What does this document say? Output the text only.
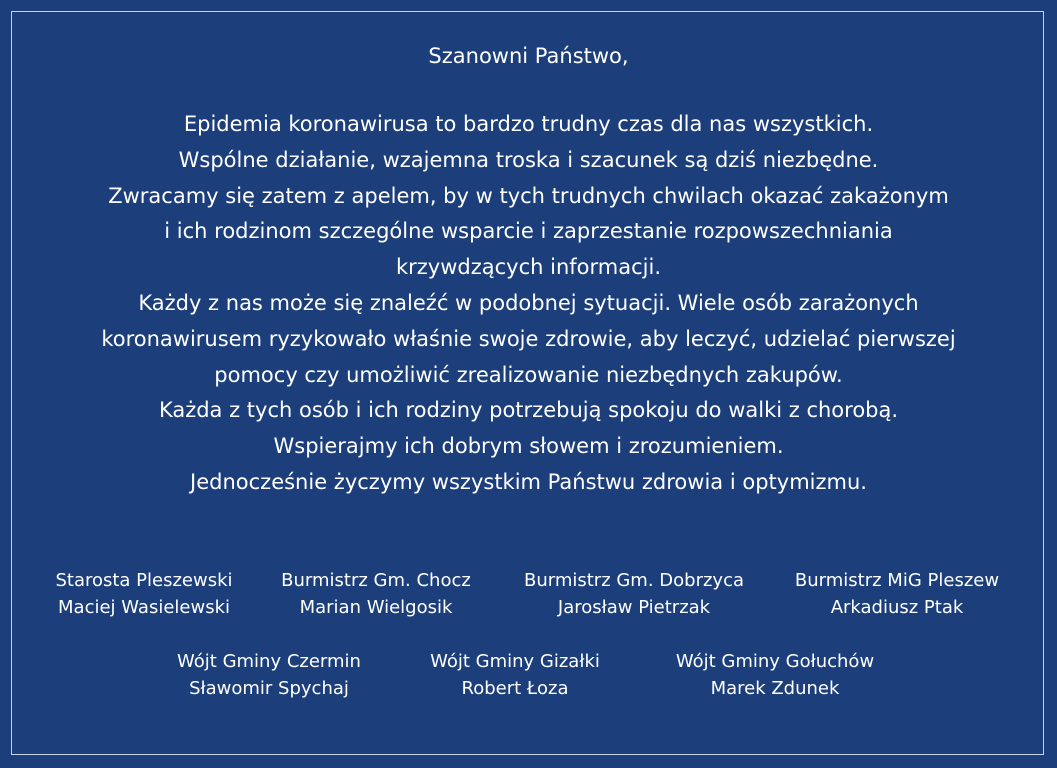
Szanowni Państwo,

Epidemia koronawirusa to bardzo trudny czas dla nas wszystkich.

Wspólne działanie, wzajemna troska i szacunek są dziś niezbędne.

Zwracamy się zatem z apelem, by w tych trudnych chwilach okazać zakażonym

i ich rodzinom szczególne wsparcie i zaprzestanie rozpowszechniania

krzywdzących informacji.

Każdy z nas może się znaleźć w podobnej sytuacji. Wiele osób zarażonych

koronawirusem ryzykowało właśnie swoje zdrowie, aby leczyć, udzielać pierwszej

pomocy czy umożliwić zrealizowanie niezbędnych zakupów.

Każda z tych osób i ich rodziny potrzebują spokoju do walki z chorobą.

Wspierajmy ich dobrym słowem i zrozumieniem.

Jednocześnie życzymy wszystkim Państwu zdrowia i optymizmu.

Starosta Pleszewski
Maciej Wasielewski
Burmistrz Gm. Chocz
Marian Wielgosik
Burmistrz Gm. Dobrzyca
Jarosław Pietrzak
Burmistrz MiG Pleszew
Arkadiusz Ptak
Wójt Gminy Czermin
Sławomir Spychaj
Wójt Gminy Gizałki
Robert Łoza
Wójt Gminy Gołuchów
Marek Zdunek
